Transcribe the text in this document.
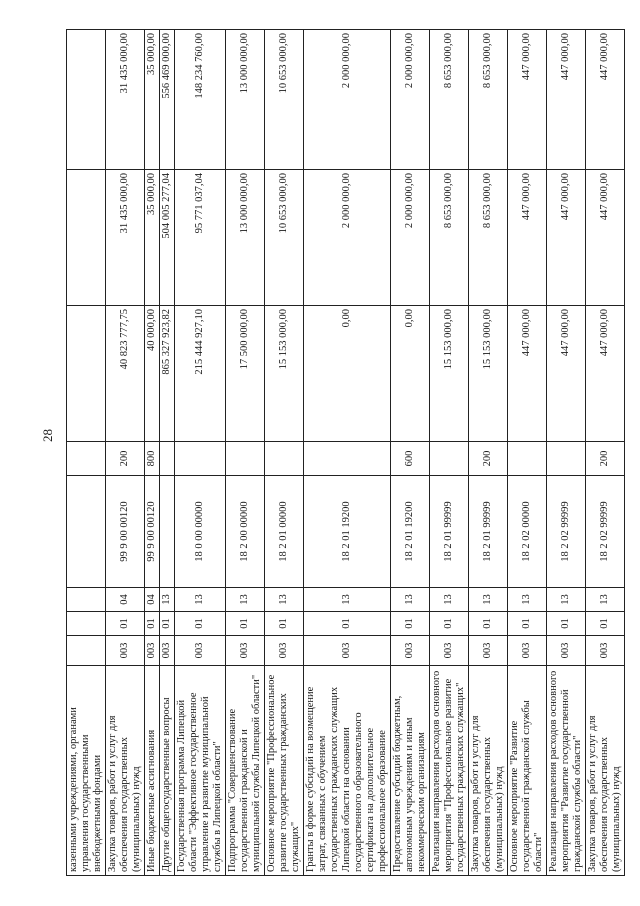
28
казенными учреждениями, органами управления государственными внебюджетными фондами								
Закупка товаров, работ и услуг для обеспечения государственных (муниципальных) нужд	003	01	04	99 9 00 00120	200	40 823 777,75	31 435 000,00	31 435 000,00
Иные бюджетные ассигнования	003	01	04	99 9 00 00120	800	40 000,00	35 000,00	35 000,00
Другие общегосударственные вопросы	003	01	13			865 327 923,82	504 005 277,04	556 469 000,00
Государственная программа Липецкой области "Эффективное государственное управление и развитие муниципальной службы в Липецкой области"	003	01	13	18 0 00 00000		215 444 927,10	95 771 037,04	148 234 760,00
Подпрограмма "Совершенствование государственной гражданской и муниципальной службы Липецкой области"	003	01	13	18 2 00 00000		17 500 000,00	13 000 000,00	13 000 000,00
Основное мероприятие "Профессиональное развитие государственных гражданских служащих"	003	01	13	18 2 01 00000		15 153 000,00	10 653 000,00	10 653 000,00
Гранты в форме субсидий на возмещение затрат, связанных с обучением государственных гражданских служащих Липецкой области на основании государственного образовательного сертификата на дополнительное профессиональное образование	003	01	13	18 2 01 19200		0,00	2 000 000,00	2 000 000,00
Предоставление субсидий бюджетным, автономным учреждениям и иным некоммерческим организациям	003	01	13	18 2 01 19200	600	0,00	2 000 000,00	2 000 000,00
Реализация направления расходов основного мероприятия "Профессиональное развитие государственных гражданских служащих"	003	01	13	18 2 01 99999		15 153 000,00	8 653 000,00	8 653 000,00
Закупка товаров, работ и услуг для обеспечения государственных (муниципальных) нужд	003	01	13	18 2 01 99999	200	15 153 000,00	8 653 000,00	8 653 000,00
Основное мероприятие "Развитие государственной гражданской службы области"	003	01	13	18 2 02 00000		447 000,00	447 000,00	447 000,00
Реализация направления расходов основного мероприятия "Развитие государственной гражданской службы области"	003	01	13	18 2 02 99999		447 000,00	447 000,00	447 000,00
Закупка товаров, работ и услуг для обеспечения государственных (муниципальных) нужд	003	01	13	18 2 02 99999	200	447 000,00	447 000,00	447 000,00
